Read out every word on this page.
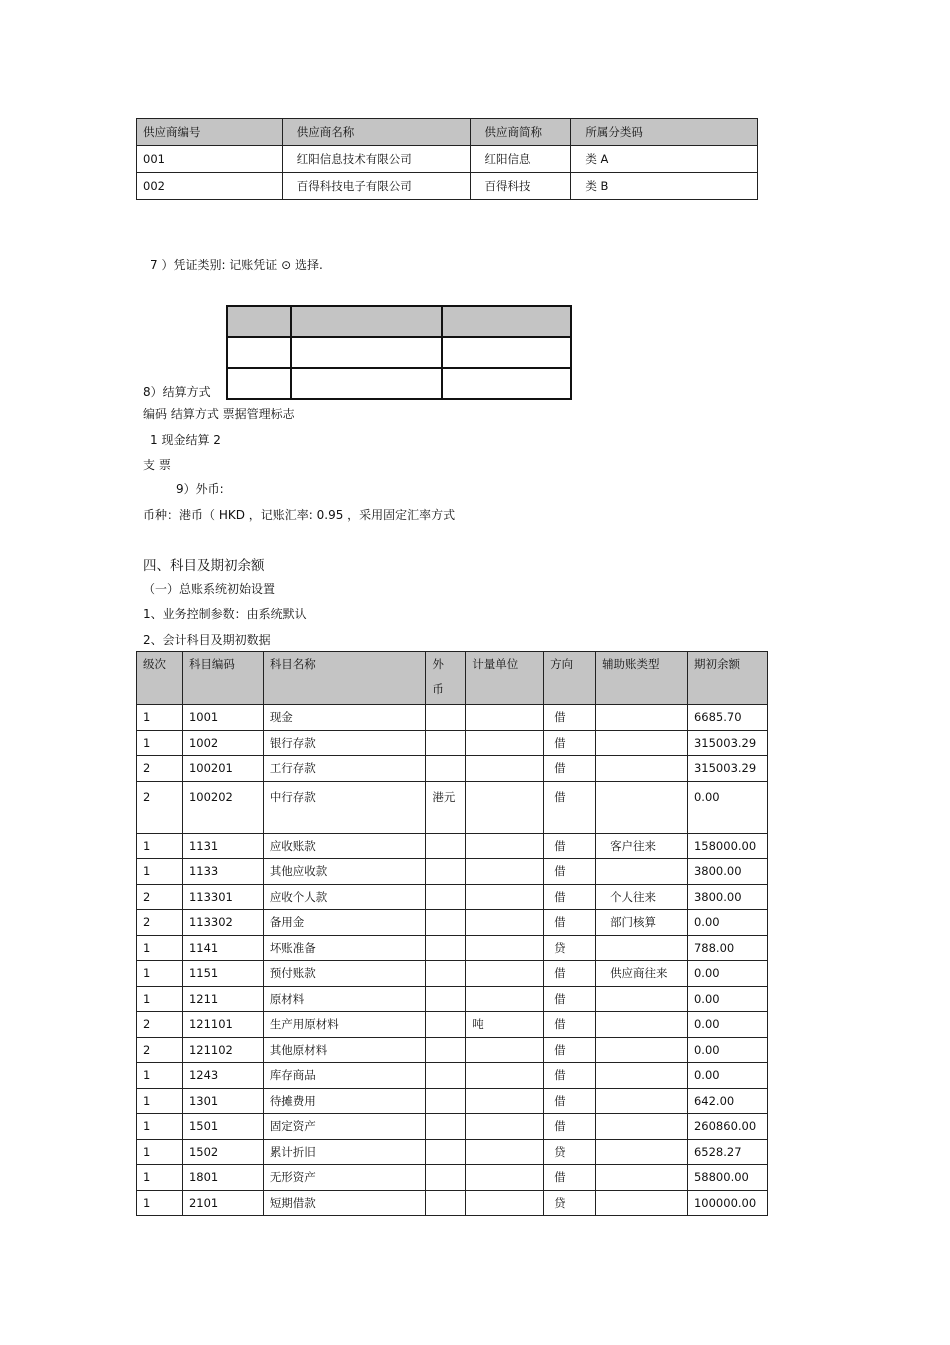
供应商编号	供应商名称	供应商简称	所属分类码
001	红阳信息技术有限公司	红阳信息	类 A
002	百得科技电子有限公司	百得科技	类 B
7 ）凭证类别: 记账凭证 ⊙ 选择.

8）结算方式
编码 结算方式 票据管理标志
1 现金结算 2
支 票
9）外币:
币种：港币（ HKD ，记账汇率: 0.95 ，采用固定汇率方式
四、科目及期初余额
（一）总账系统初始设置
1、业务控制参数：由系统默认
2、会计科目及期初数据
级次	科目编码	科目名称	外币	计量单位	方向	辅助账类型	期初余额
1	1001	现金			借		6685.70
1	1002	银行存款			借		315003.29
2	100201	工行存款			借		315003.29
2	100202	中行存款	港元		借		0.00
1	1131	应收账款			借	客户往来	158000.00
1	1133	其他应收款			借		3800.00
2	113301	应收个人款			借	个人往来	3800.00
2	113302	备用金			借	部门核算	0.00
1	1141	坏账准备			贷		788.00
1	1151	预付账款			借	供应商往来	0.00
1	1211	原材料			借		0.00
2	121101	生产用原材料		吨	借		0.00
2	121102	其他原材料			借		0.00
1	1243	库存商品			借		0.00
1	1301	待摊费用			借		642.00
1	1501	固定资产			借		260860.00
1	1502	累计折旧			贷		6528.27
1	1801	无形资产			借		58800.00
1	2101	短期借款			贷		100000.00
